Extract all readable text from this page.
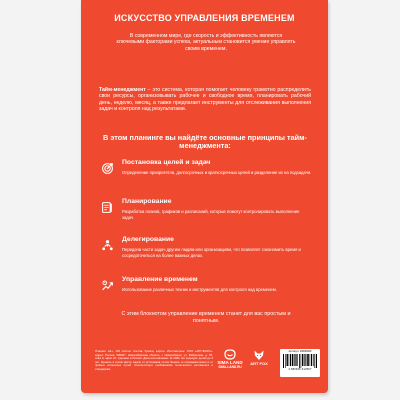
ИСКУССТВО УПРАВЛЕНИЯ ВРЕМЕНЕМ
В современном мире, где скорость и эффективность являются ключевыми факторами успеха, актуальным становится умение управлять своим временем.
Тайм-менеджмент – это система, которая помогает человеку грамотно распределить свои ресурсы, организовывать рабочее и свободное время, планировать рабочий день, неделю, месяц, а также предлагает инструменты для отслеживания выполнения задач и контроля над результатами.
В этом планинге вы найдёте основные принципы тайм-менеджмента:
Постановка целей и задач
Определение приоритетов, долгосрочных и краткосрочных целей и разделение их на подзадачи.
Планирование
Разработка планов, графиков и расписаний, которые помогут контролировать выполнение задач.
Делегирование
Передача части задач другим людям или организациям, что позволяет сэкономить время и сосредоточиться на более важных делах.
Управление временем
Использование различных техник и инструментов для контроля над временем.
С этим блокнотом управление временем станет для вас простым и понятным.
Планинг. А4+, 100 листов. Состав: бумага, картон. Изготовитель: ООО «АРТ-ФОКС». Адрес: Россия, 630007, Новосибирская область, г. Новосибирск, ул. Фабричная, д. 55, этаж 5, офис 22. Сделано в России. Дата изготовления: 11.2023. Не подходит детям до 3 лет. Хранить в сухом месте, вдали от источников тепла. Беречь от попадания влаги и от прямых солнечных лучей. Соответствует требованиям технического регламента и стандартам.
SIMA LAND
SIMA-LAND.RU
ART FOX
Артикул: 10000000
4 680456 612567
